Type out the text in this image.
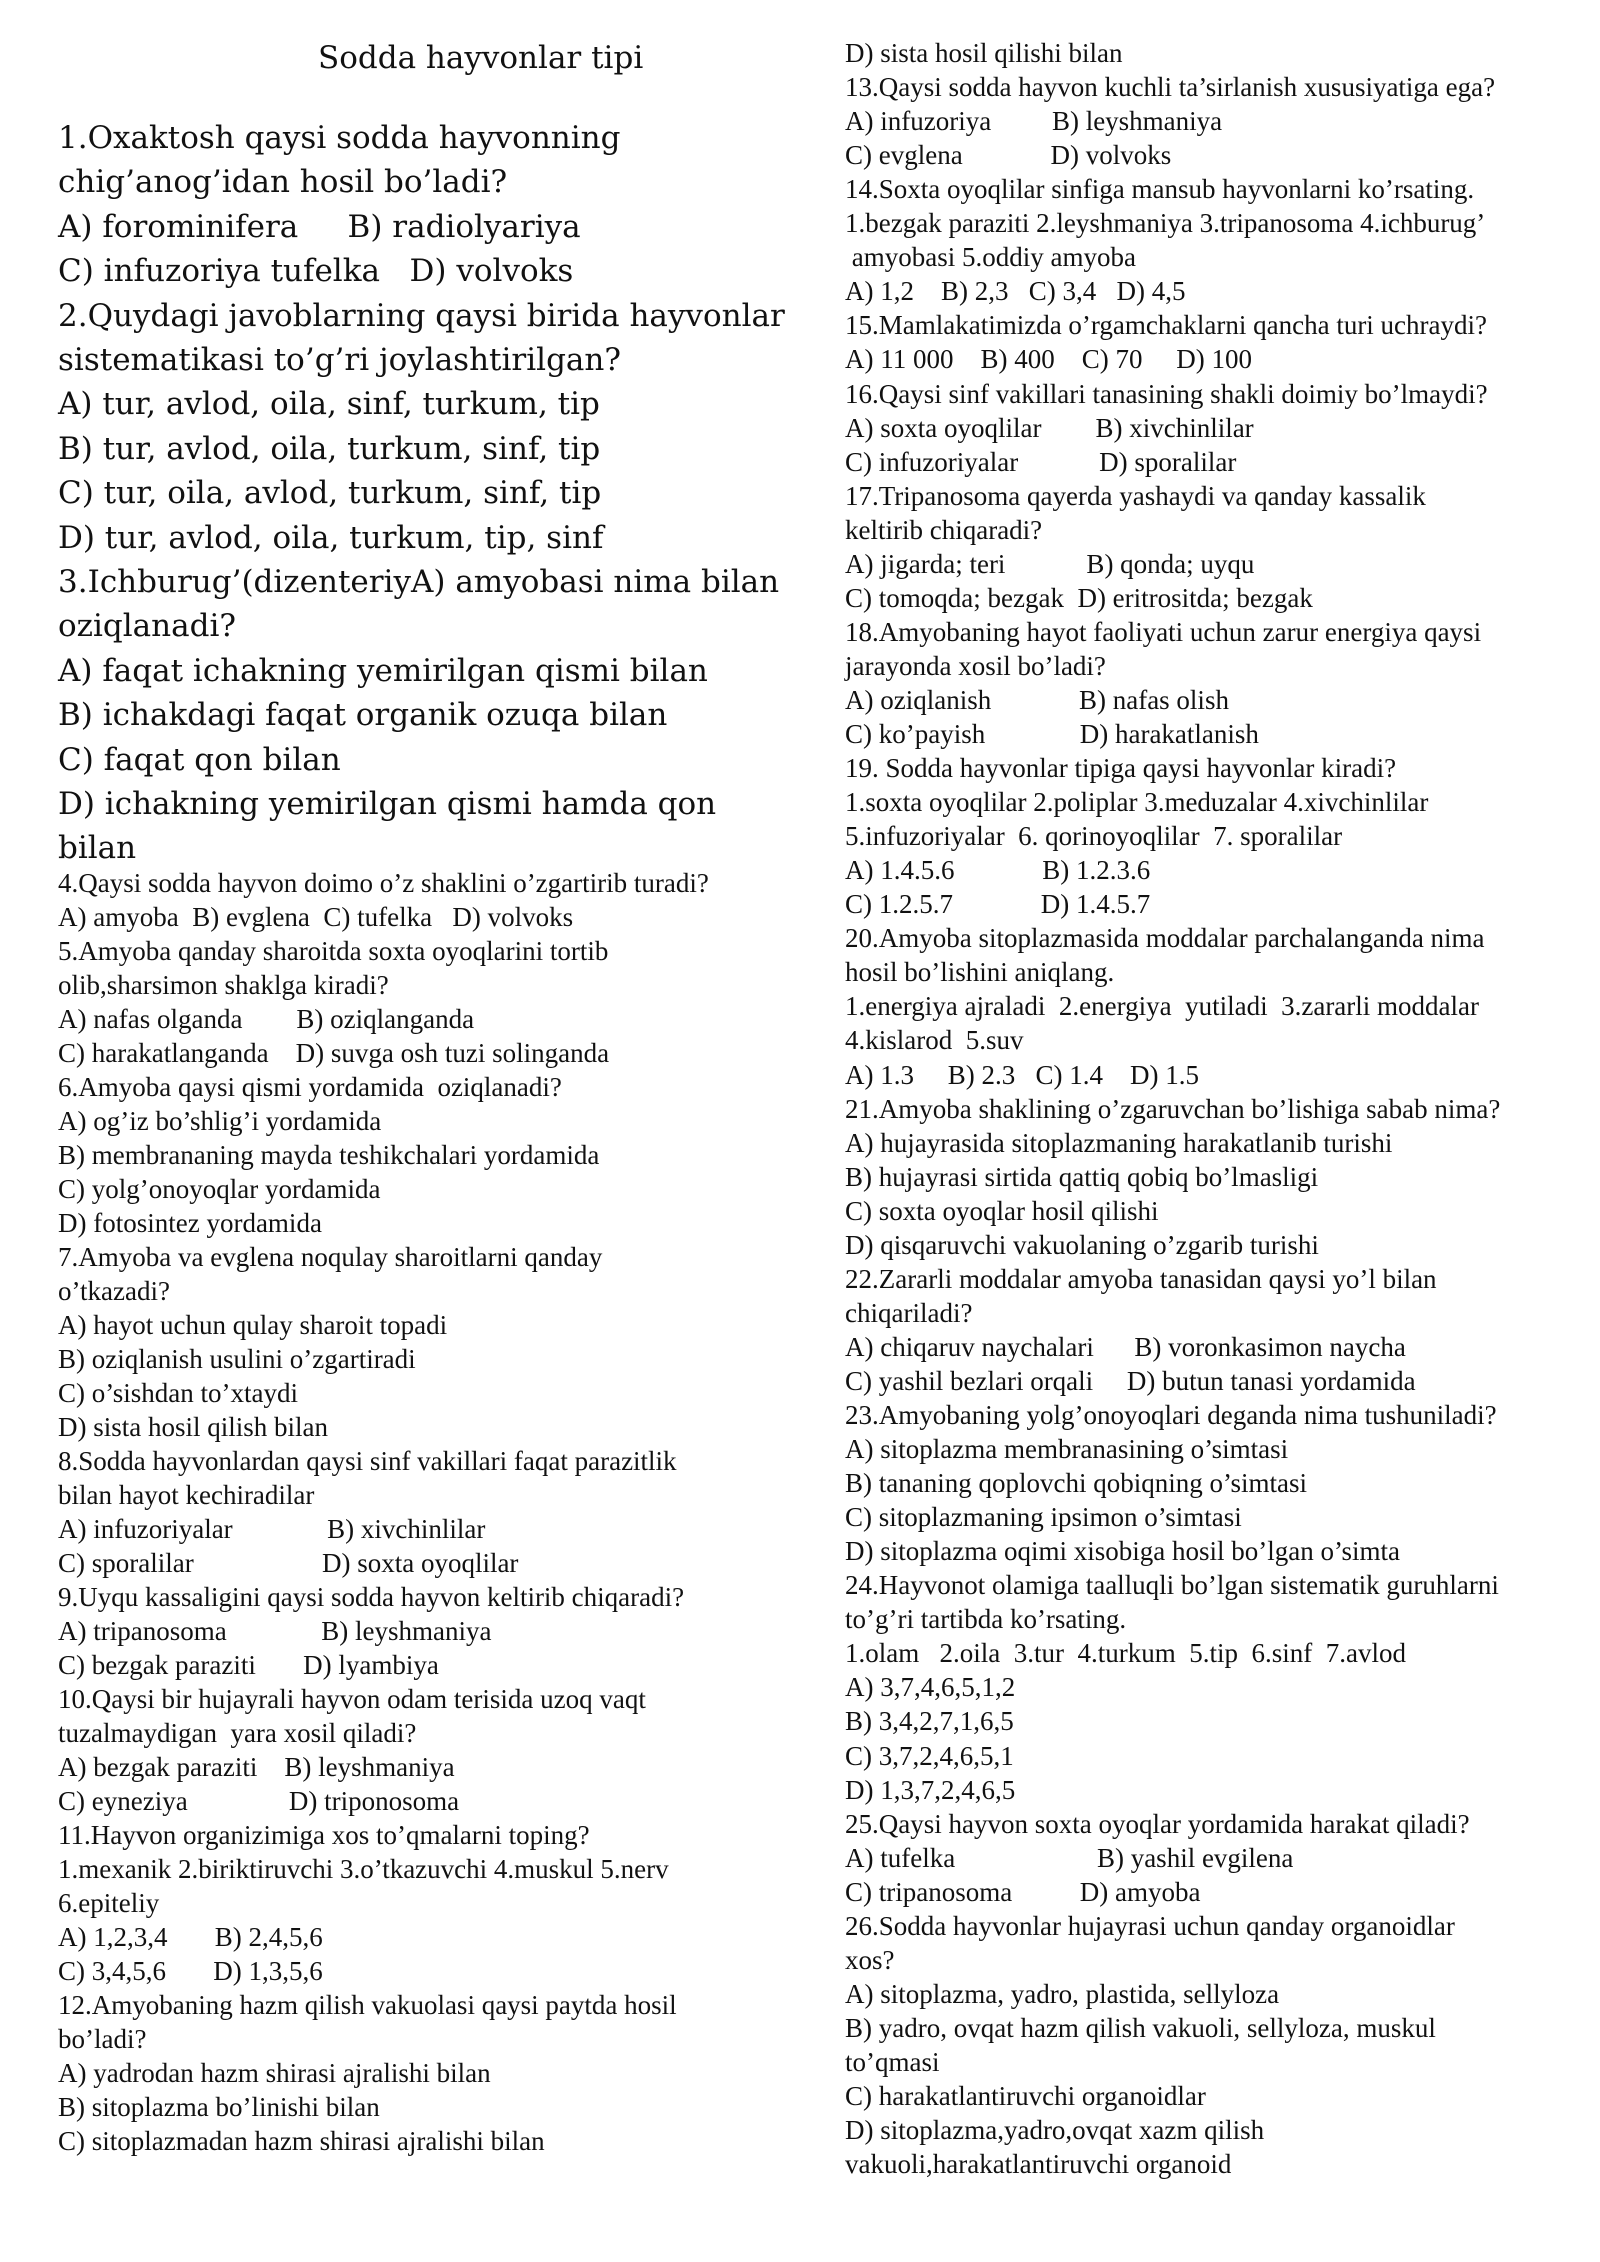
Sodda hayvonlar tipi
1.Oxaktosh qaysi sodda hayvonning
chig’anog’idan hosil bo’ladi?
A) forominifera     B) radiolyariya
C) infuzoriya tufelka   D) volvoks
2.Quydagi javoblarning qaysi birida hayvonlar
sistematikasi to’g’ri joylashtirilgan?
A) tur, avlod, oila, sinf, turkum, tip
B) tur, avlod, oila, turkum, sinf, tip
C) tur, oila, avlod, turkum, sinf, tip
D) tur, avlod, oila, turkum, tip, sinf
3.Ichburug’(dizenteriyA) amyobasi nima bilan
oziqlanadi?
A) faqat ichakning yemirilgan qismi bilan
B) ichakdagi faqat organik ozuqa bilan
C) faqat qon bilan
D) ichakning yemirilgan qismi hamda qon
bilan
4.Qaysi sodda hayvon doimo o’z shaklini o’zgartirib turadi?
A) amyoba  B) evglena  C) tufelka   D) volvoks
5.Amyoba qanday sharoitda soxta oyoqlarini tortib
olib,sharsimon shaklga kiradi?
A) nafas olganda        B) oziqlanganda
C) harakatlanganda    D) suvga osh tuzi solinganda
6.Amyoba qaysi qismi yordamida  oziqlanadi?
A) og’iz bo’shlig’i yordamida
B) membrananing mayda teshikchalari yordamida
C) yolg’onoyoqlar yordamida
D) fotosintez yordamida
7.Amyoba va evglena noqulay sharoitlarni qanday
o’tkazadi?
A) hayot uchun qulay sharoit topadi
B) oziqlanish usulini o’zgartiradi
C) o’sishdan to’xtaydi
D) sista hosil qilish bilan
8.Sodda hayvonlardan qaysi sinf vakillari faqat parazitlik
bilan hayot kechiradilar
A) infuzoriyalar              B) xivchinlilar
C) sporalilar                   D) soxta oyoqlilar
9.Uyqu kassaligini qaysi sodda hayvon keltirib chiqaradi?
A) tripanosoma              B) leyshmaniya
C) bezgak paraziti       D) lyambiya
10.Qaysi bir hujayrali hayvon odam terisida uzoq vaqt
tuzalmaydigan  yara xosil qiladi?
A) bezgak paraziti    B) leyshmaniya
C) eyneziya               D) triponosoma
11.Hayvon organizimiga xos to’qmalarni toping?
1.mexanik 2.biriktiruvchi 3.o’tkazuvchi 4.muskul 5.nerv
6.epiteliy
A) 1,2,3,4       B) 2,4,5,6
C) 3,4,5,6       D) 1,3,5,6
12.Amyobaning hazm qilish vakuolasi qaysi paytda hosil
bo’ladi?
A) yadrodan hazm shirasi ajralishi bilan
B) sitoplazma bo’linishi bilan
C) sitoplazmadan hazm shirasi ajralishi bilan
D) sista hosil qilishi bilan
13.Qaysi sodda hayvon kuchli ta’sirlanish xususiyatiga ega?
A) infuzoriya         B) leyshmaniya
C) evglena             D) volvoks
14.Soxta oyoqlilar sinfiga mansub hayvonlarni ko’rsating.
1.bezgak paraziti 2.leyshmaniya 3.tripanosoma 4.ichburug’
amyobasi 5.oddiy amyoba
A) 1,2    B) 2,3   C) 3,4   D) 4,5
15.Mamlakatimizda o’rgamchaklarni qancha turi uchraydi?
A) 11 000    B) 400    C) 70     D) 100
16.Qaysi sinf vakillari tanasining shakli doimiy bo’lmaydi?
A) soxta oyoqlilar        B) xivchinlilar
C) infuzoriyalar            D) sporalilar
17.Tripanosoma qayerda yashaydi va qanday kassalik
keltirib chiqaradi?
A) jigarda; teri            B) qonda; uyqu
C) tomoqda; bezgak  D) eritrositda; bezgak
18.Amyobaning hayot faoliyati uchun zarur energiya qaysi
jarayonda xosil bo’ladi?
A) oziqlanish             B) nafas olish
C) ko’payish              D) harakatlanish
19. Sodda hayvonlar tipiga qaysi hayvonlar kiradi?
1.soxta oyoqlilar 2.poliplar 3.meduzalar 4.xivchinlilar
5.infuzoriyalar  6. qorinoyoqlilar  7. sporalilar
A) 1.4.5.6             B) 1.2.3.6
C) 1.2.5.7             D) 1.4.5.7
20.Amyoba sitoplazmasida moddalar parchalanganda nima
hosil bo’lishini aniqlang.
1.energiya ajraladi  2.energiya  yutiladi  3.zararli moddalar
4.kislarod  5.suv
A) 1.3     B) 2.3   C) 1.4    D) 1.5
21.Amyoba shaklining o’zgaruvchan bo’lishiga sabab nima?
A) hujayrasida sitoplazmaning harakatlanib turishi
B) hujayrasi sirtida qattiq qobiq bo’lmasligi
C) soxta oyoqlar hosil qilishi
D) qisqaruvchi vakuolaning o’zgarib turishi
22.Zararli moddalar amyoba tanasidan qaysi yo’l bilan
chiqariladi?
A) chiqaruv naychalari      B) voronkasimon naycha
C) yashil bezlari orqali     D) butun tanasi yordamida
23.Amyobaning yolg’onoyoqlari deganda nima tushuniladi?
A) sitoplazma membranasining o’simtasi
B) tananing qoplovchi qobiqning o’simtasi
C) sitoplazmaning ipsimon o’simtasi
D) sitoplazma oqimi xisobiga hosil bo’lgan o’simta
24.Hayvonot olamiga taalluqli bo’lgan sistematik guruhlarni
to’g’ri tartibda ko’rsating.
1.olam   2.oila  3.tur  4.turkum  5.tip  6.sinf  7.avlod
A) 3,7,4,6,5,1,2
B) 3,4,2,7,1,6,5
C) 3,7,2,4,6,5,1
D) 1,3,7,2,4,6,5
25.Qaysi hayvon soxta oyoqlar yordamida harakat qiladi?
A) tufelka                     B) yashil evgilena
C) tripanosoma          D) amyoba
26.Sodda hayvonlar hujayrasi uchun qanday organoidlar
xos?
A) sitoplazma, yadro, plastida, sellyloza
B) yadro, ovqat hazm qilish vakuoli, sellyloza, muskul
to’qmasi
C) harakatlantiruvchi organoidlar
D) sitoplazma,yadro,ovqat xazm qilish
vakuoli,harakatlantiruvchi organoid
